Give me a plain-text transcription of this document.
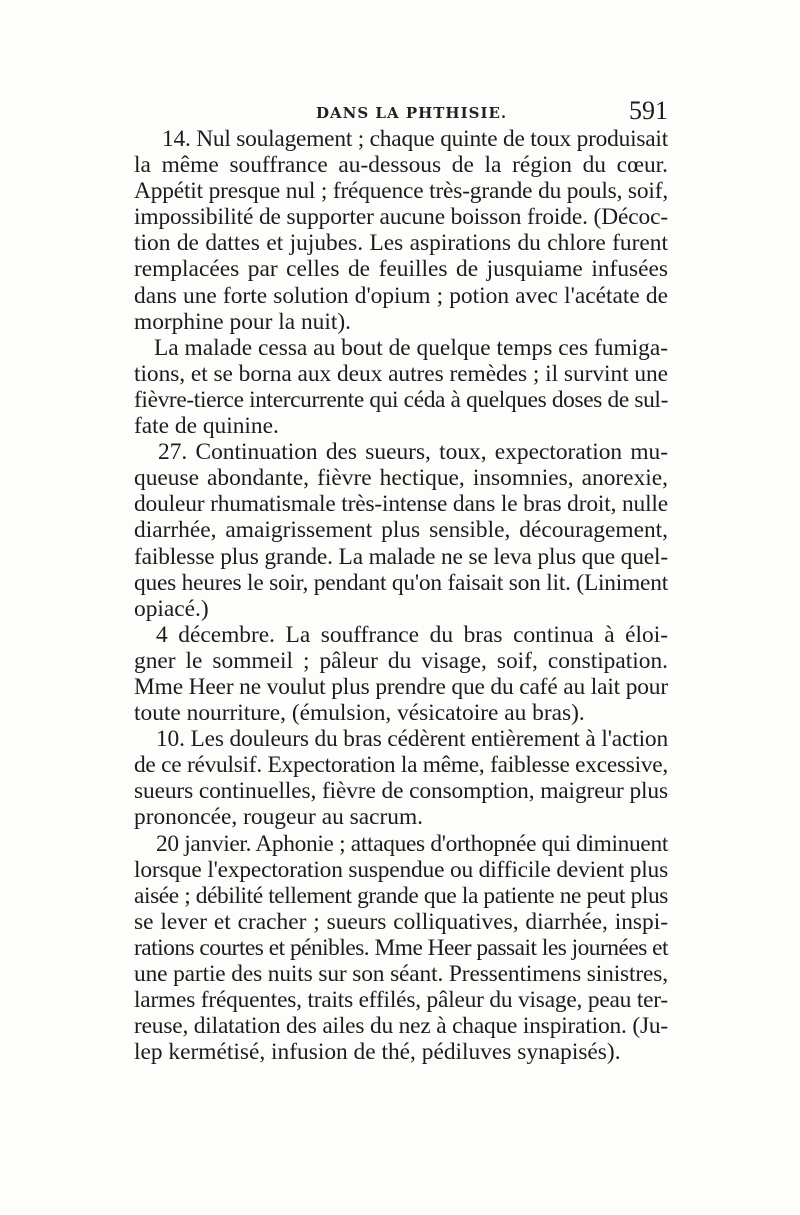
DANS LA PHTHISIE.	591
14. Nul soulagement ; chaque quinte de toux produisait
la même souffrance au-dessous de la région du cœur.
Appétit presque nul ; fréquence très-grande du pouls, soif,
impossibilité de supporter aucune boisson froide. (Décoc-
tion de dattes et jujubes. Les aspirations du chlore furent
remplacées par celles de feuilles de jusquiame infusées
dans une forte solution d'opium ; potion avec l'acétate de
morphine pour la nuit).
La malade cessa au bout de quelque temps ces fumiga-
tions, et se borna aux deux autres remèdes ; il survint une
fièvre-tierce intercurrente qui céda à quelques doses de sul-
fate de quinine.
27. Continuation des sueurs, toux, expectoration mu-
queuse abondante, fièvre hectique, insomnies, anorexie,
douleur rhumatismale très-intense dans le bras droit, nulle
diarrhée, amaigrissement plus sensible, découragement,
faiblesse plus grande. La malade ne se leva plus que quel-
ques heures le soir, pendant qu'on faisait son lit. (Liniment
opiacé.)
4 décembre. La souffrance du bras continua à éloi-
gner le sommeil ; pâleur du visage, soif, constipation.
Mme Heer ne voulut plus prendre que du café au lait pour
toute nourriture, (émulsion, vésicatoire au bras).
10. Les douleurs du bras cédèrent entièrement à l'action
de ce révulsif. Expectoration la même, faiblesse excessive,
sueurs continuelles, fièvre de consomption, maigreur plus
prononcée, rougeur au sacrum.
20 janvier. Aphonie ; attaques d'orthopnée qui diminuent
lorsque l'expectoration suspendue ou difficile devient plus
aisée ; débilité tellement grande que la patiente ne peut plus
se lever et cracher ; sueurs colliquatives, diarrhée, inspi-
rations courtes et pénibles. Mme Heer passait les journées et
une partie des nuits sur son séant. Pressentimens sinistres,
larmes fréquentes, traits effilés, pâleur du visage, peau ter-
reuse, dilatation des ailes du nez à chaque inspiration. (Ju-
lep kermétisé, infusion de thé, pédiluves synapisés).
